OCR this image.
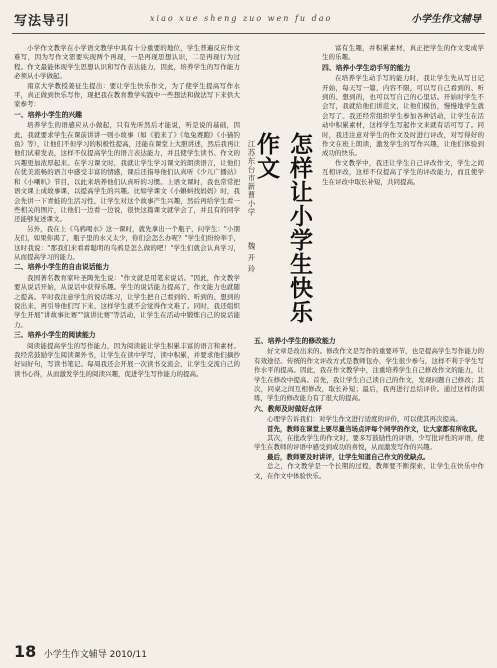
写法导引	xiao xue sheng zuo wen fu dao	小学生作文辅导

小学作文教学在小学语文教学中具有十分重要的地位，学生普遍反应作文难写，因为写作文需要实现两个再现，一是再现思想认识，二是再现行为过程。作文最能体现学生思想认识和写作表达能力，因此，培养学生的写作能力必须从小学做起。

南京大学教授姜征生提出：要让学生快乐作文，为了使学生提高写作水平，真正做到快乐写作，现把我在教育教学实践中一些想法和做法写下来供大家参考：

一、培养小学生的兴趣

培养学生的语感应从小做起，只有先听然后才能说，听是说的基础，因此，我就要求学生在课前讲讲一则小故事（如《狼来了》《龟兔赛跑》《小猫钓鱼》等），让他们不但学习的积极性提高，还能在课堂上大胆讲述，然后我再让他们试着发表，这样不仅提高学生的语言表达能力，并且使学生读书、作文的兴趣更加浓厚起来。在学习课文时，我就让学生学习课文的朗读语言，让他们在优美流畅的语言中感受丰富的情感，课后还指导他们认真听《少儿广播站》和《小喇叭》节目，以此来培养他们认真听的习惯。上语文课时，我也常常把语文课上成故事课，以提高学生的兴趣。比如学课文《小蝌蚪找妈妈》时，我会先讲一下青蛙的生活习性，让学生对这个故事产生兴趣，然后再给学生看一些相关的图片，让他们一边看一边说，很快这篇课文就学会了，并且有的同学还能够复述课文。

另外，我在上《乌鸦喝水》这一课时，就先拿出一个瓶子，问学生："小朋友们，如果你渴了，瓶子里的水又太少，你们会怎么办呢？"学生们纷纷举手，这时我说："那我们来看看聪明的乌鸦是怎么做的吧！"学生们就会认真学习，从而提高学习的能力。

二、培养小学生的自由说话能力

我国著名教育家叶圣陶先生说："作文就是用笔来说话。"因此，作文教学要从说话开始，从说话中获得乐趣。学生的说话能力提高了，作文能力也就随之提高。平时我注意学生的说话练习，让学生把自己看到的、听到的、想到的说出来，再引导他们写下来，这样学生就不会觉得作文难了。同时，我还组织学生开展"讲故事比赛""演讲比赛"等活动，让学生在活动中锻炼自己的说话能力。

三、培养小学生的阅读能力

阅读能提高学生的写作能力，因为阅读能让学生积累丰富的语言和素材。我经常鼓励学生阅读课外书，让学生在读中学写，读中积累，并要求他们摘抄好词好句，写读书笔记。每周我还会开展一次读书交流会，让学生交流自己的读书心得，从而激发学生的阅读兴趣，促进学生写作能力的提高。

富有生趣，并积累素材，真正把学生的作文变成学生的乐趣。

四、培养小学生动手写的能力

在培养学生动手写的能力时，我让学生先从写日记开始，每天写一篇，内容不限，可以写自己看到的、听到的、想到的，也可以写自己的心里话。开始时学生不会写，我就给他们讲范文，让他们模仿，慢慢地学生就会写了。我还经常组织学生参加各种活动，让学生在活动中积累素材，这样学生写起作文来就有话可写了。同时，我还注意对学生的作文及时进行评改，对写得好的作文在班上朗读，激发学生的写作兴趣，让他们体验到成功的快乐。

作文教学中，我还让学生自己评改作文，学生之间互相评改，这样不仅提高了学生的评改能力，而且使学生在评改中取长补短，共同提高。

五、培养小学生的修改能力

好文章是改出来的。修改作文是写作的重要环节，也是提高学生写作能力的有效途径。传统的作文评改方式是教师包办，学生很少参与，这样不利于学生写作水平的提高。因此，我在作文教学中，注重培养学生自己修改作文的能力，让学生在修改中提高。首先，我让学生自己读自己的作文，发现问题自己修改；其次，同桌之间互相修改，取长补短；最后，我再进行总结评价。通过这样的训练，学生的修改能力有了很大的提高。

六、教师及时做好点评

心理学告诉我们：对学生作文进行适度的评价，可以使其再次提高。

首先，教师在课堂上要尽量当场点评每个同学的作文，让大家都有所收获。

其次，在批改学生的作文时，要多写鼓励性的评语，少写批评性的评语，使学生在教师的评语中感受到成功的喜悦，从而激发写作的兴趣。

最后，教师要及时讲评，让学生知道自己作文的优缺点。

总之，作文教学是一个长期的过程，教师要不断探索，让学生在快乐中作文，在作文中体验快乐。

江苏东台市新曹小学 魏开玲 怎样让小学生快乐作文
18 小学生作文辅导 2010/11
